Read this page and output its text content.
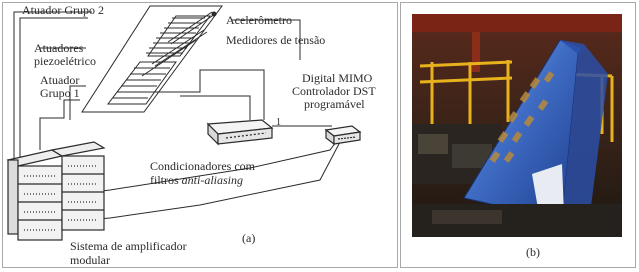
Atuador Grupo 2
Acelerômetro
Medidores de tensão
Atuadores
piezoelétrico
Atuador
Grupo 1
Digital MIMO
Controlador DST
programável
1
Condicionadores com
filtros anti-aliasing
Sistema de amplificador
modular
(a)
(b)
